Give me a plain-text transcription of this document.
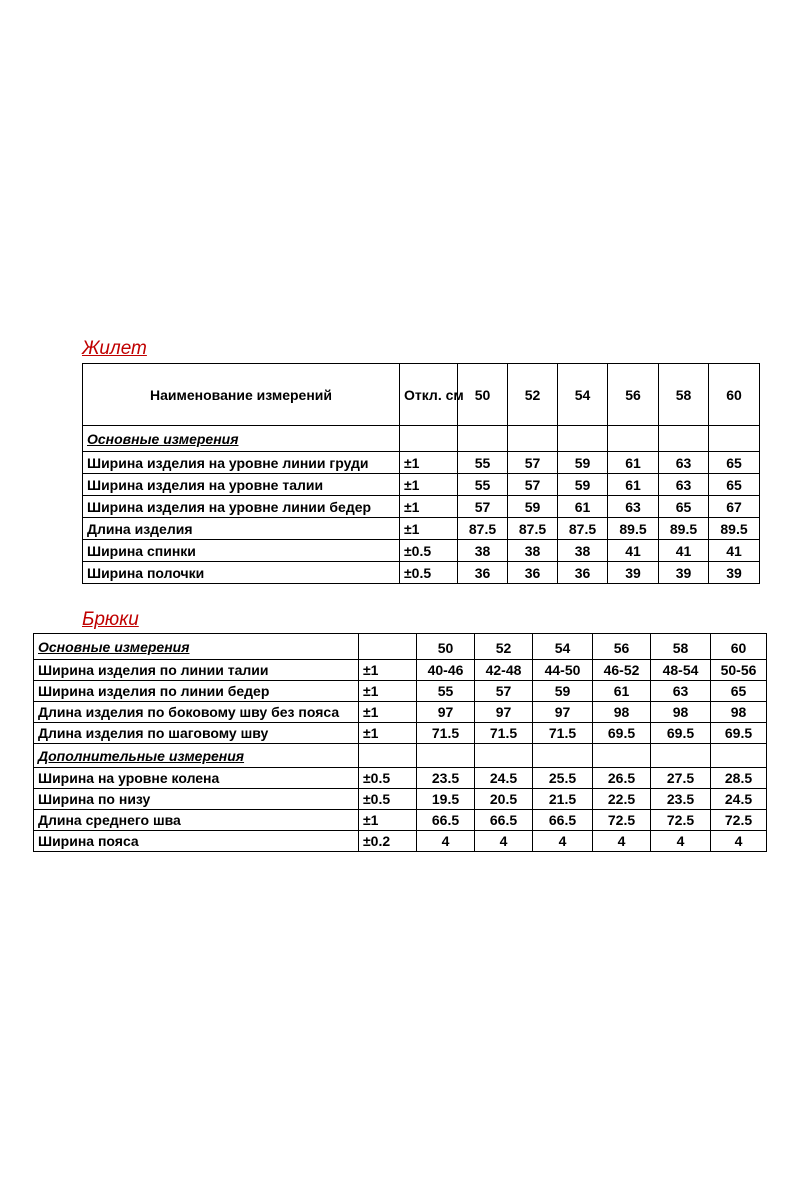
Жилет
Наименование измерений	Откл. см	50	52	54	56	58	60
Основные измерения							
Ширина изделия на уровне линии груди	±1	55	57	59	61	63	65
Ширина изделия на уровне талии	±1	55	57	59	61	63	65
Ширина изделия на уровне линии бедер	±1	57	59	61	63	65	67
Длина изделия	±1	87.5	87.5	87.5	89.5	89.5	89.5
Ширина спинки	±0.5	38	38	38	41	41	41
Ширина полочки	±0.5	36	36	36	39	39	39
Брюки
Основные измерения		50	52	54	56	58	60
Ширина изделия по линии талии	±1	40-46	42-48	44-50	46-52	48-54	50-56
Ширина изделия по линии бедер	±1	55	57	59	61	63	65
Длина изделия по боковому шву без пояса	±1	97	97	97	98	98	98
Длина изделия по шаговому шву	±1	71.5	71.5	71.5	69.5	69.5	69.5
Дополнительные измерения							
Ширина на уровне колена	±0.5	23.5	24.5	25.5	26.5	27.5	28.5
Ширина по низу	±0.5	19.5	20.5	21.5	22.5	23.5	24.5
Длина среднего шва	±1	66.5	66.5	66.5	72.5	72.5	72.5
Ширина пояса	±0.2	4	4	4	4	4	4
